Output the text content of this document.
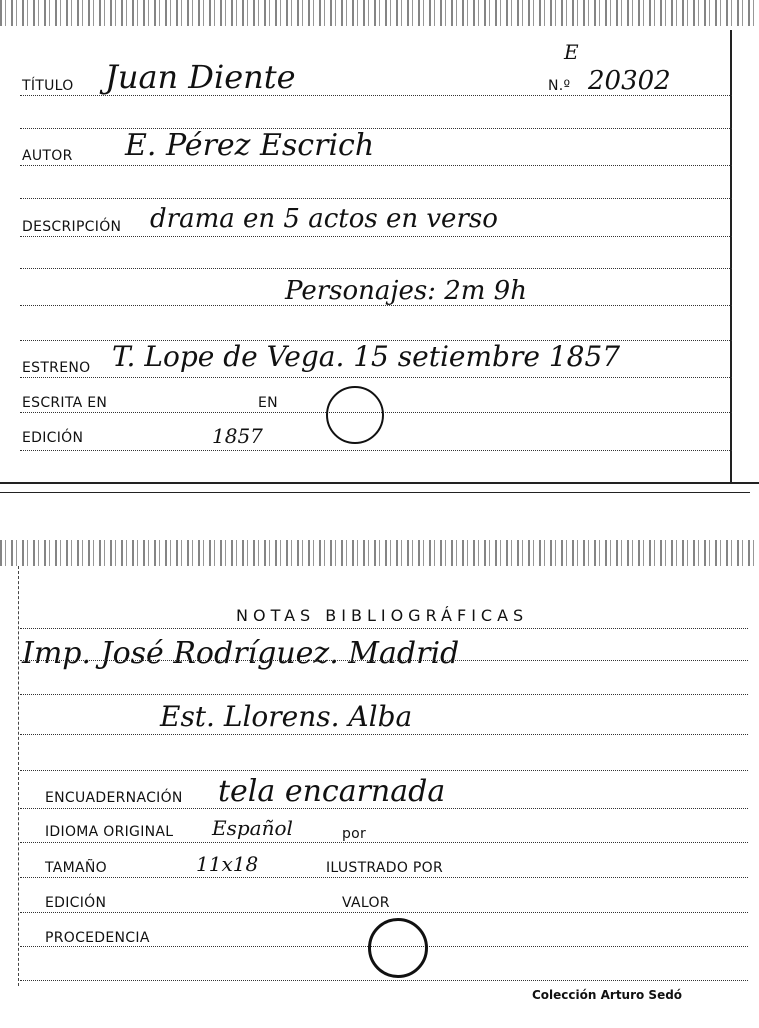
TÍTULO Juan Diente
E
N.º 20302
AUTOR E. Pérez Escrich
DESCRIPCIÓN drama en 5 actos en verso
Personajes: 2m 9h
ESTRENO T. Lope de Vega. 15 setiembre 1857
ESCRITA EN	EN
EDICIÓN	1857
NOTAS BIBLIOGRÁFICAS
Imp. José Rodríguez. Madrid
Est. Llorens. Alba
ENCUADERNACIÓN tela encarnada
IDIOMA ORIGINAL Español	por
TAMAÑO	11x18	ILUSTRADO POR
EDICIÓN	VALOR
PROCEDENCIA
Colección Arturo Sedó
